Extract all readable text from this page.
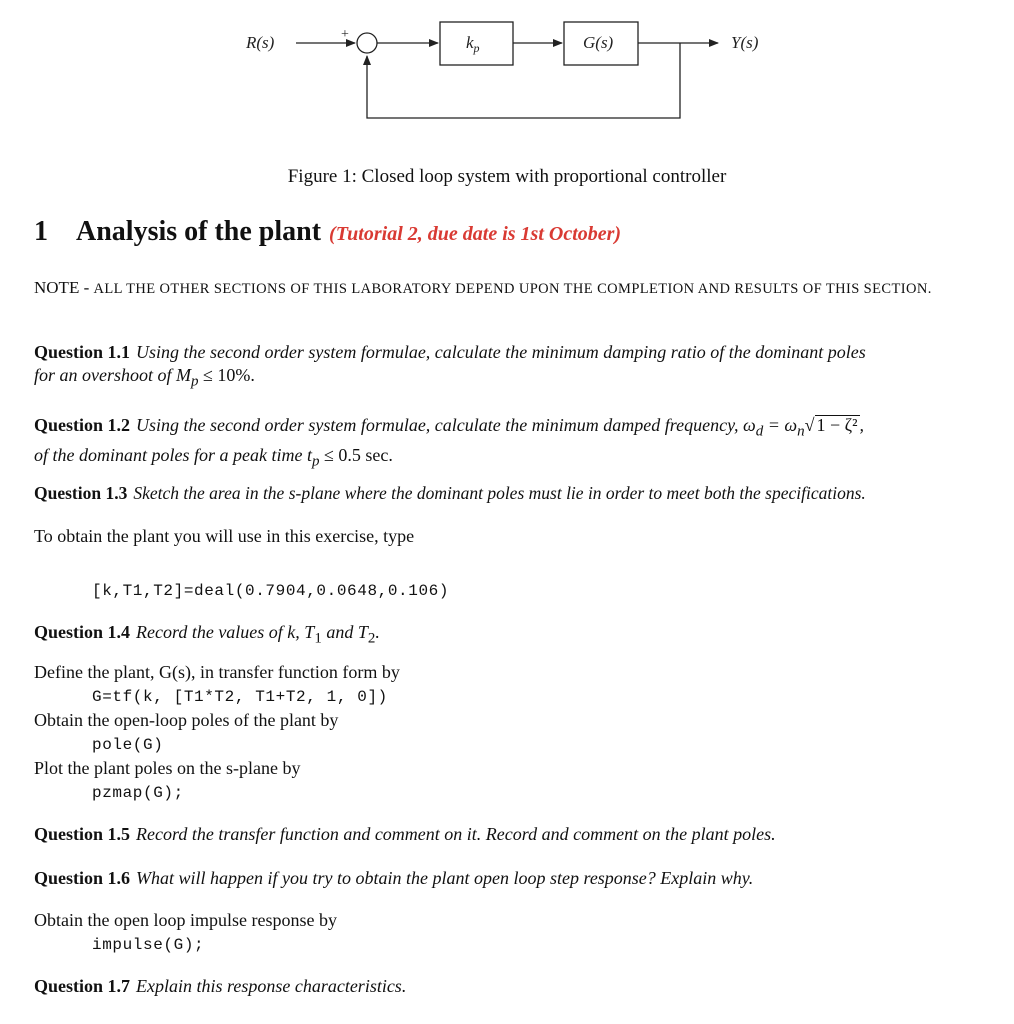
R(s)	+	$k_p$	G(s)	Y(s)
Figure 1: Closed loop system with proportional controller
1 Analysis of the plant (Tutorial 2, due date is 1st October)
NOTE - ALL THE OTHER SECTIONS OF THIS LABORATORY DEPEND UPON THE COMPLETION AND RESULTS OF THIS SECTION.
Question 1.1 Using the second order system formulae, calculate the minimum damping ratio of the dominant poles
for an overshoot of $M_p \le 10\%$.
Question 1.2 Using the second order system formulae, calculate the minimum damped frequency, $\omega_d = \omega_n√$ 1 − ζ² ,
of the dominant poles for a peak time $t_p \le 0.5$ sec.
Question 1.3 Sketch the area in the s-plane where the dominant poles must lie in order to meet both the specifications.
To obtain the plant you will use in this exercise, type
[k,T1,T2]=deal(0.7904,0.0648,0.106)
Question 1.4 Record the values of k, $T_1$ and $T_2$.
Define the plant, G(s), in transfer function form by
G=tf(k, [T1*T2, T1+T2, 1, 0])
Obtain the open-loop poles of the plant by
pole(G)
Plot the plant poles on the s-plane by
pzmap(G);
Question 1.5 Record the transfer function and comment on it. Record and comment on the plant poles.
Question 1.6 What will happen if you try to obtain the plant open loop step response? Explain why.
Obtain the open loop impulse response by
impulse(G);
Question 1.7 Explain this response characteristics.
